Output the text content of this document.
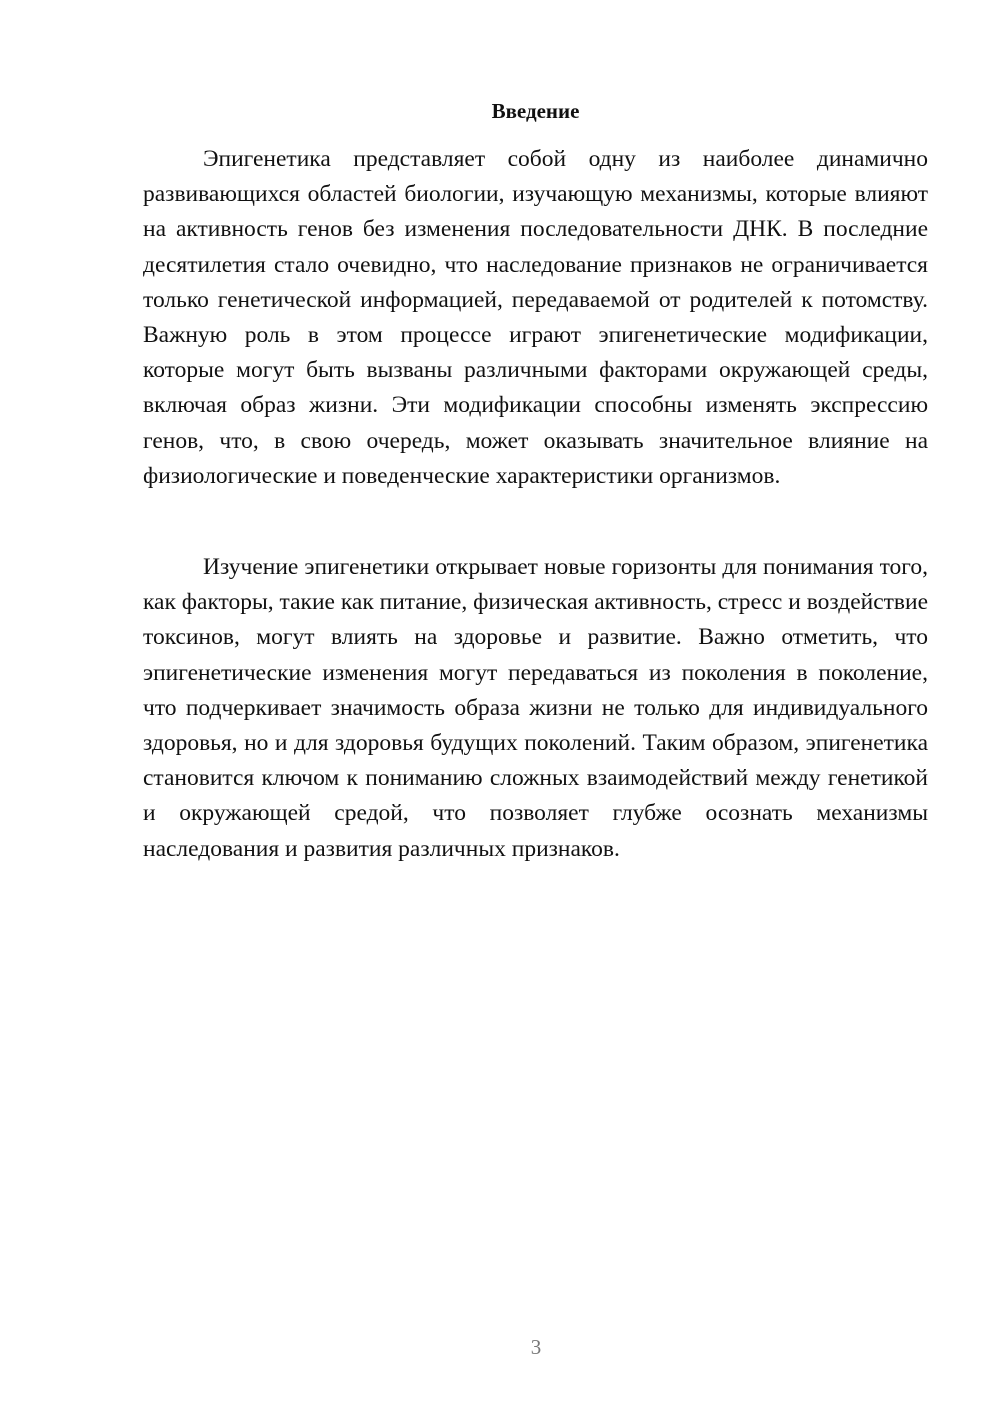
Введение

Эпигенетика представляет собой одну из наиболее динамично развивающихся областей биологии, изучающую механизмы, которые влияют на активность генов без изменения последовательности ДНК. В последние десятилетия стало очевидно, что наследование признаков не ограничивается только генетической информацией, передаваемой от родителей к потомству. Важную роль в этом процессе играют эпигенетические модификации, которые могут быть вызваны различными факторами окружающей среды, включая образ жизни. Эти модификации способны изменять экспрессию генов, что, в свою очередь, может оказывать значительное влияние на физиологические и поведенческие характеристики организмов.

Изучение эпигенетики открывает новые горизонты для понимания того, как факторы, такие как питание, физическая активность, стресс и воздействие токсинов, могут влиять на здоровье и развитие. Важно отметить, что эпигенетические изменения могут передаваться из поколения в поколение, что подчеркивает значимость образа жизни не только для индивидуального здоровья, но и для здоровья будущих поколений. Таким образом, эпигенетика становится ключом к пониманию сложных взаимодействий между генетикой и окружающей средой, что позволяет глубже осознать механизмы наследования и развития различных признаков.

3
